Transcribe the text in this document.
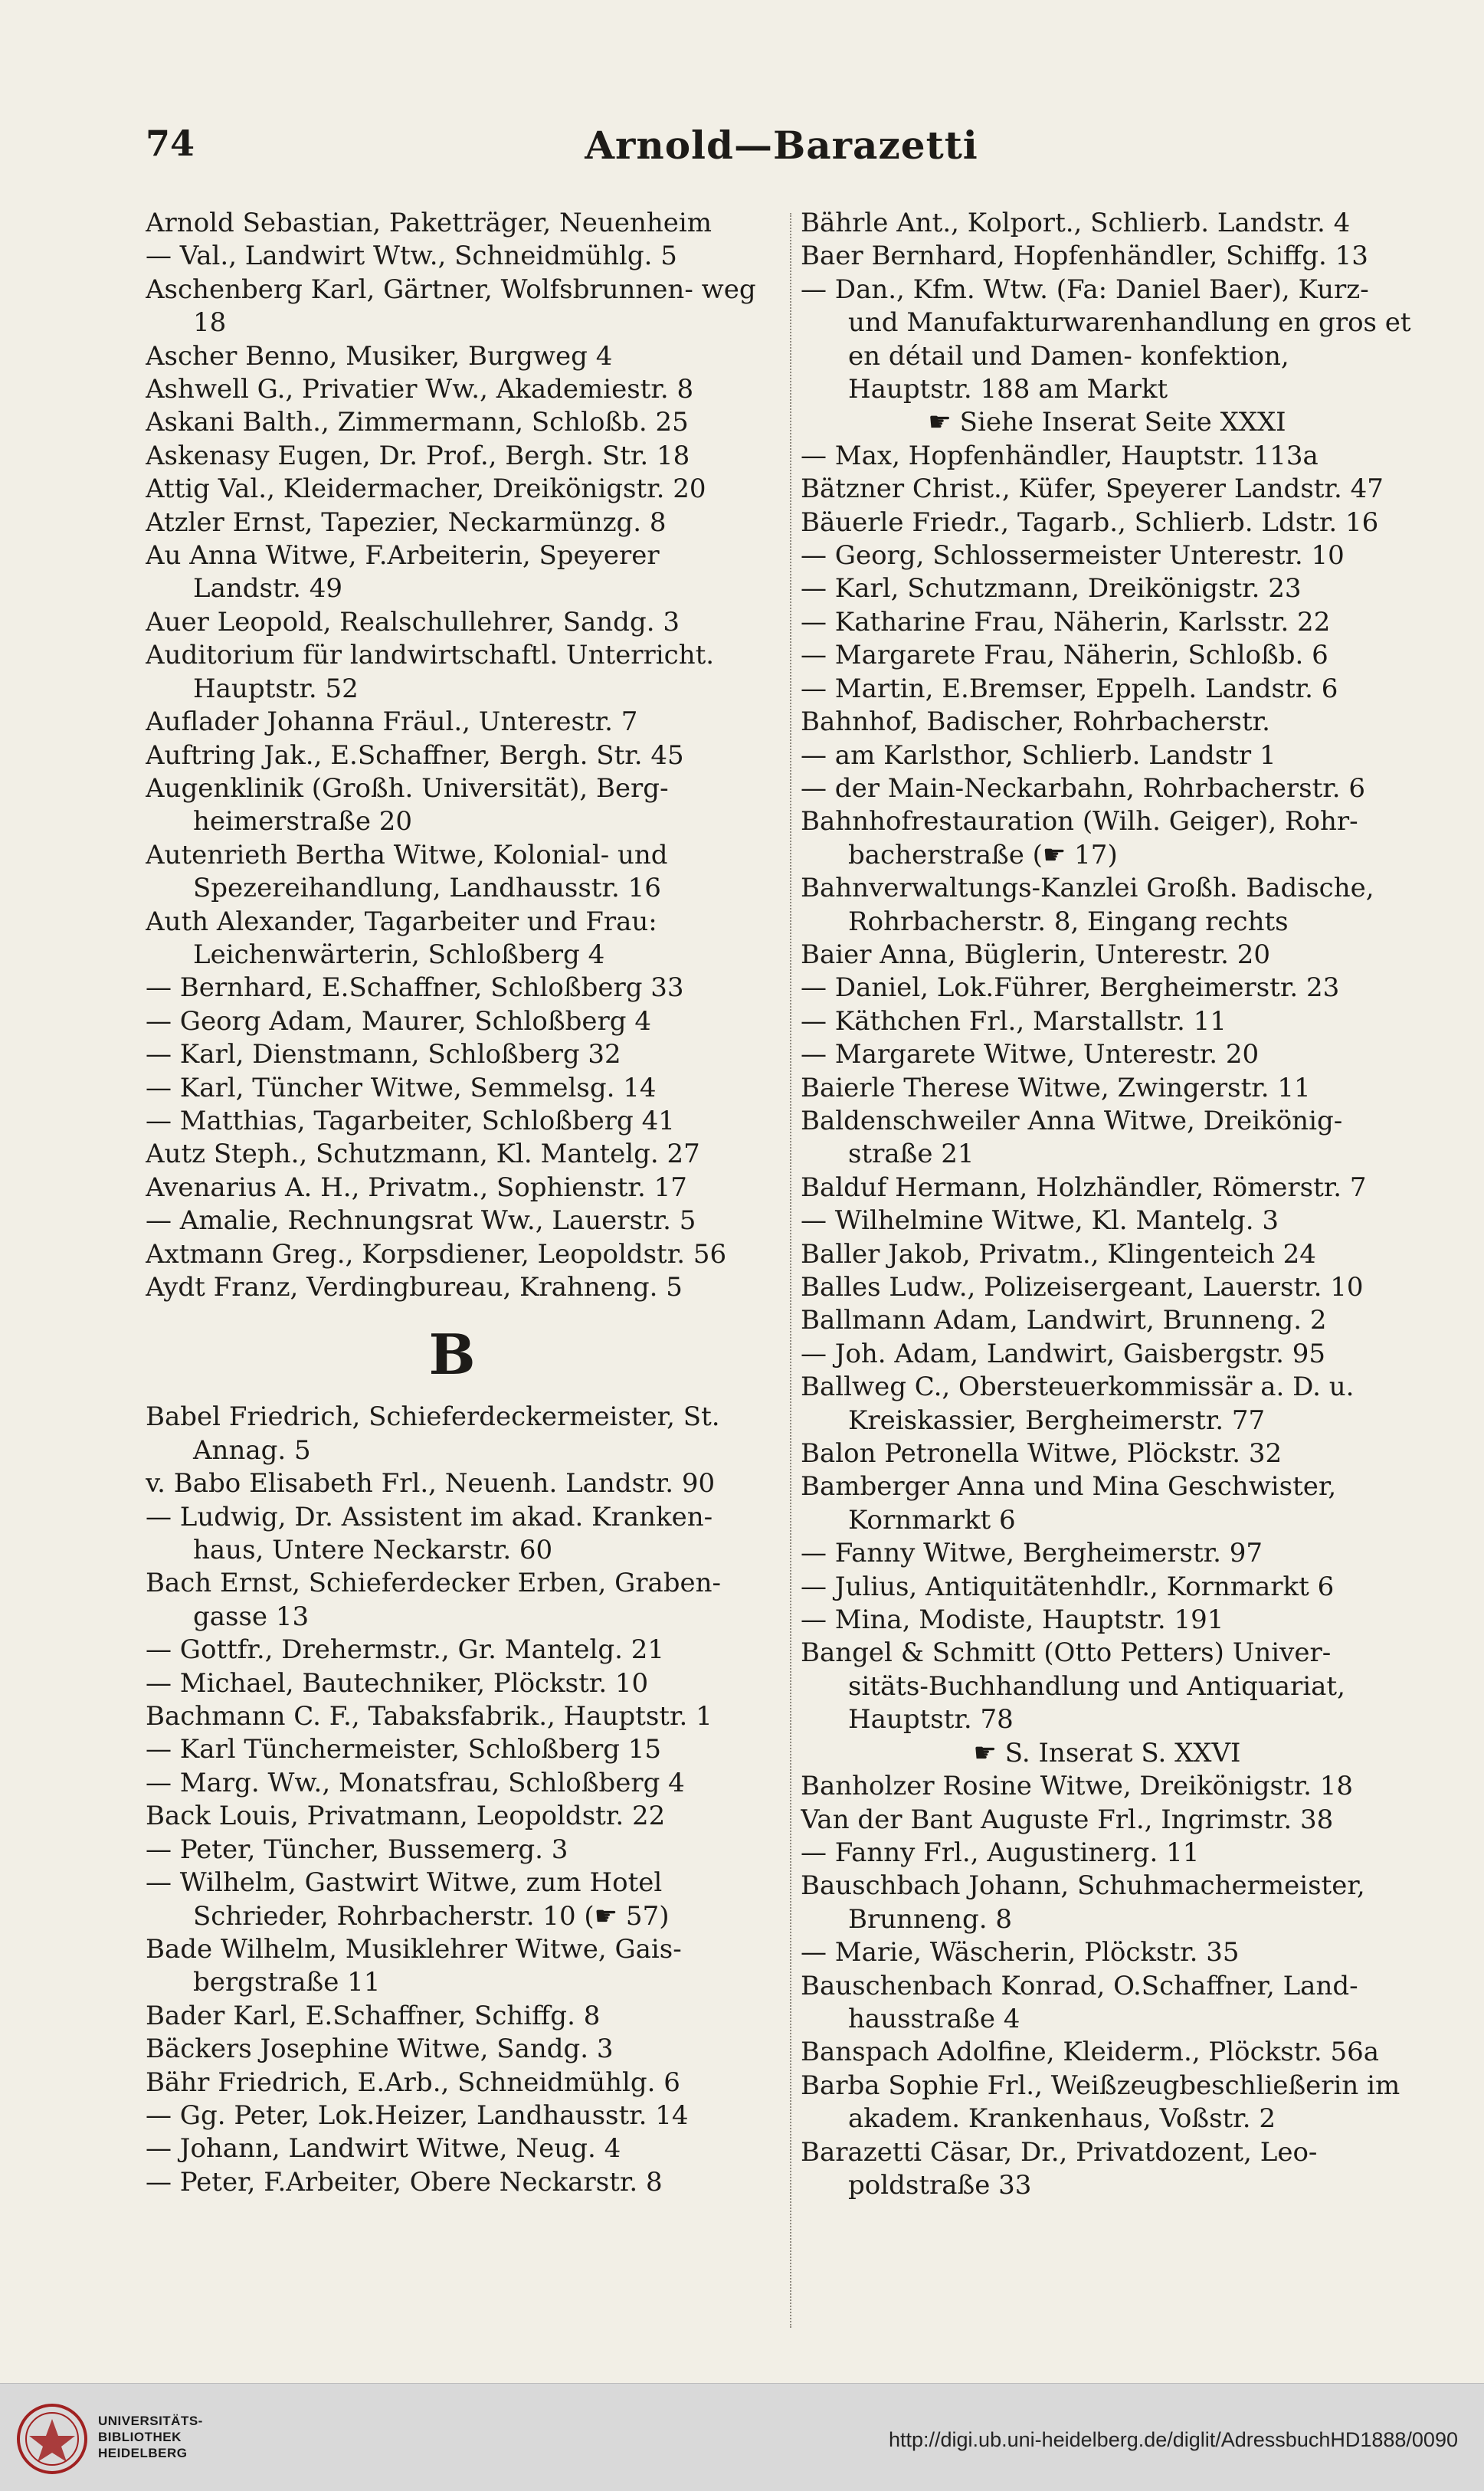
74	Arnold—Barazetti
Arnold Sebastian, Paketträger, Neuenheim
— Val., Landwirt Wtw., Schneidmühlg. 5
Aschenberg Karl, Gärtner, Wolfsbrunnen- weg 18
Ascher Benno, Musiker, Burgweg 4
Ashwell G., Privatier Ww., Akademiestr. 8
Askani Balth., Zimmermann, Schloßb. 25
Askenasy Eugen, Dr. Prof., Bergh. Str. 18
Attig Val., Kleidermacher, Dreikönigstr. 20
Atzler Ernst, Tapezier, Neckarmünzg. 8
Au Anna Witwe, F.Arbeiterin, Speyerer Landstr. 49
Auer Leopold, Realschullehrer, Sandg. 3
Auditorium für landwirtschaftl. Unterricht. Hauptstr. 52
Auflader Johanna Fräul., Unterestr. 7
Auftring Jak., E.Schaffner, Bergh. Str. 45
Augenklinik (Großh. Universität), Berg- heimerstraße 20
Autenrieth Bertha Witwe, Kolonial- und Spezereihandlung, Landhausstr. 16
Auth Alexander, Tagarbeiter und Frau: Leichenwärterin, Schloßberg 4
— Bernhard, E.Schaffner, Schloßberg 33
— Georg Adam, Maurer, Schloßberg 4
— Karl, Dienstmann, Schloßberg 32
— Karl, Tüncher Witwe, Semmelsg. 14
— Matthias, Tagarbeiter, Schloßberg 41
Autz Steph., Schutzmann, Kl. Mantelg. 27
Avenarius A. H., Privatm., Sophienstr. 17
— Amalie, Rechnungsrat Ww., Lauerstr. 5
Axtmann Greg., Korpsdiener, Leopoldstr. 56
Aydt Franz, Verdingbureau, Krahneng. 5
B
Babel Friedrich, Schieferdeckermeister, St. Annag. 5
v. Babo Elisabeth Frl., Neuenh. Landstr. 90
— Ludwig, Dr. Assistent im akad. Kranken- haus, Untere Neckarstr. 60
Bach Ernst, Schieferdecker Erben, Graben- gasse 13
— Gottfr., Drehermstr., Gr. Mantelg. 21
— Michael, Bautechniker, Plöckstr. 10
Bachmann C. F., Tabaksfabrik., Hauptstr. 1
— Karl Tünchermeister, Schloßberg 15
— Marg. Ww., Monatsfrau, Schloßberg 4
Back Louis, Privatmann, Leopoldstr. 22
— Peter, Tüncher, Bussemerg. 3
— Wilhelm, Gastwirt Witwe, zum Hotel Schrieder, Rohrbacherstr. 10 (☛ 57)
Bade Wilhelm, Musiklehrer Witwe, Gais- bergstraße 11
Bader Karl, E.Schaffner, Schiffg. 8
Bäckers Josephine Witwe, Sandg. 3
Bähr Friedrich, E.Arb., Schneidmühlg. 6
— Gg. Peter, Lok.Heizer, Landhausstr. 14
— Johann, Landwirt Witwe, Neug. 4
— Peter, F.Arbeiter, Obere Neckarstr. 8
Bährle Ant., Kolport., Schlierb. Landstr. 4
Baer Bernhard, Hopfenhändler, Schiffg. 13
— Dan., Kfm. Wtw. (Fa: Daniel Baer), Kurz- und Manufakturwarenhandlung en gros et en détail und Damen- konfektion, Hauptstr. 188 am Markt
☛ Siehe Inserat Seite XXXI
— Max, Hopfenhändler, Hauptstr. 113a
Bätzner Christ., Küfer, Speyerer Landstr. 47
Bäuerle Friedr., Tagarb., Schlierb. Ldstr. 16
— Georg, Schlossermeister Unterestr. 10
— Karl, Schutzmann, Dreikönigstr. 23
— Katharine Frau, Näherin, Karlsstr. 22
— Margarete Frau, Näherin, Schloßb. 6
— Martin, E.Bremser, Eppelh. Landstr. 6
Bahnhof, Badischer, Rohrbacherstr.
— am Karlsthor, Schlierb. Landstr 1
— der Main-Neckarbahn, Rohrbacherstr. 6
Bahnhofrestauration (Wilh. Geiger), Rohr- bacherstraße (☛ 17)
Bahnverwaltungs-Kanzlei Großh. Badische, Rohrbacherstr. 8, Eingang rechts
Baier Anna, Büglerin, Unterestr. 20
— Daniel, Lok.Führer, Bergheimerstr. 23
— Käthchen Frl., Marstallstr. 11
— Margarete Witwe, Unterestr. 20
Baierle Therese Witwe, Zwingerstr. 11
Baldenschweiler Anna Witwe, Dreikönig- straße 21
Balduf Hermann, Holzhändler, Römerstr. 7
— Wilhelmine Witwe, Kl. Mantelg. 3
Baller Jakob, Privatm., Klingenteich 24
Balles Ludw., Polizeisergeant, Lauerstr. 10
Ballmann Adam, Landwirt, Brunneng. 2
— Joh. Adam, Landwirt, Gaisbergstr. 95
Ballweg C., Obersteuerkommissär a. D. u. Kreiskassier, Bergheimerstr. 77
Balon Petronella Witwe, Plöckstr. 32
Bamberger Anna und Mina Geschwister, Kornmarkt 6
— Fanny Witwe, Bergheimerstr. 97
— Julius, Antiquitätenhdlr., Kornmarkt 6
— Mina, Modiste, Hauptstr. 191
Bangel & Schmitt (Otto Petters) Univer- sitäts-Buchhandlung und Antiquariat, Hauptstr. 78
☛ S. Inserat S. XXVI
Banholzer Rosine Witwe, Dreikönigstr. 18
Van der Bant Auguste Frl., Ingrimstr. 38
— Fanny Frl., Augustinerg. 11
Bauschbach Johann, Schuhmachermeister, Brunneng. 8
— Marie, Wäscherin, Plöckstr. 35
Bauschenbach Konrad, O.Schaffner, Land- hausstraße 4
Banspach Adolfine, Kleiderm., Plöckstr. 56a
Barba Sophie Frl., Weißzeugbeschließerin im akadem. Krankenhaus, Voßstr. 2
Barazetti Cäsar, Dr., Privatdozent, Leo- poldstraße 33
UNIVERSITÄTS-
BIBLIOTHEK
HEIDELBERG
http://digi.ub.uni-heidelberg.de/diglit/AdressbuchHD1888/0090
